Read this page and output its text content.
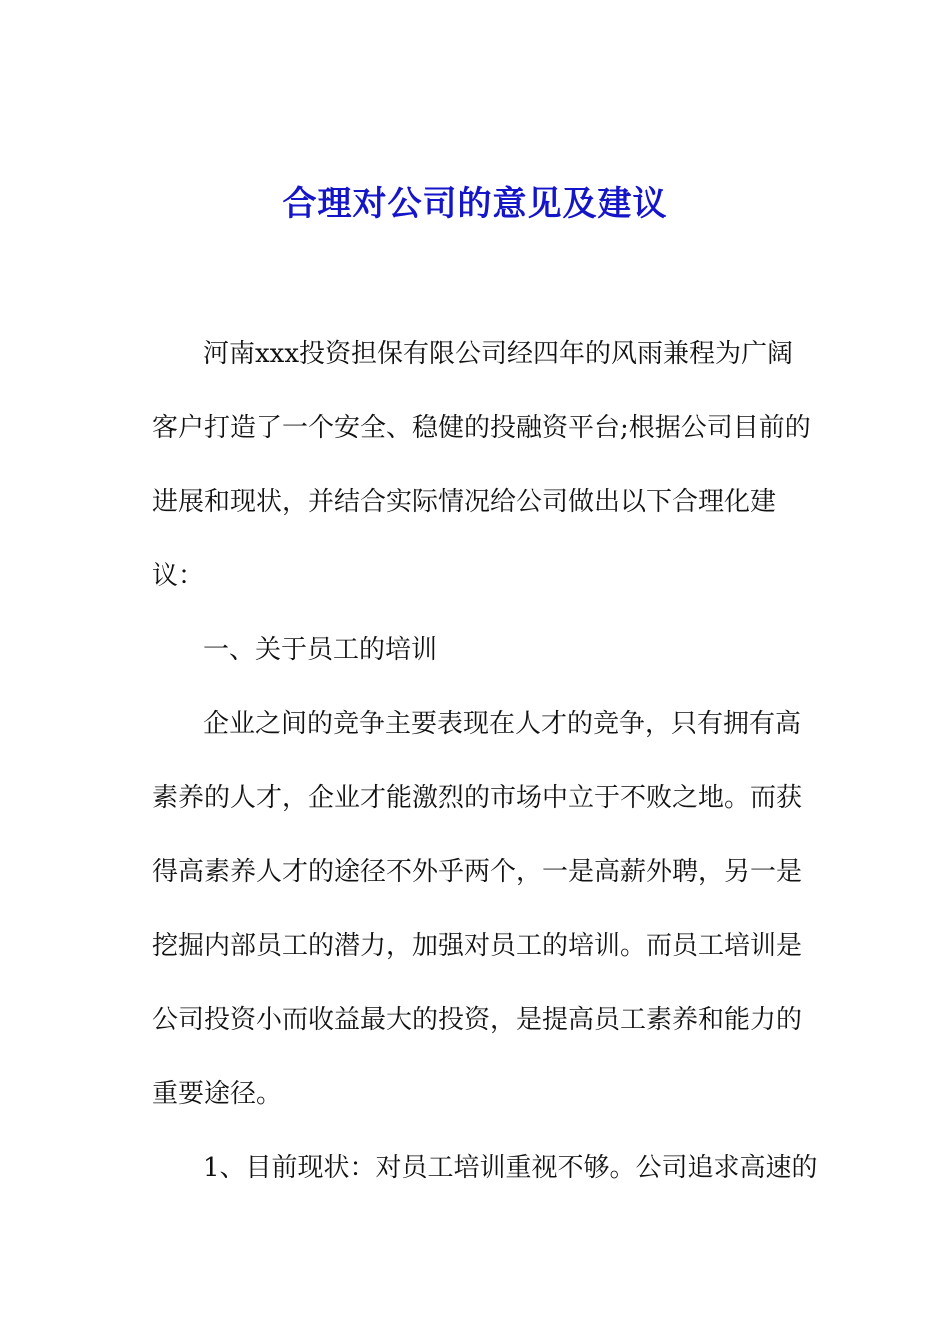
合理对公司的意见及建议
河南xxx投资担保有限公司经四年的风雨兼程为广阔
客户打造了一个安全、稳健的投融资平台;根据公司目前的
进展和现状，并结合实际情况给公司做出以下合理化建
议：
一、关于员工的培训
企业之间的竞争主要表现在人才的竞争，只有拥有高
素养的人才，企业才能激烈的市场中立于不败之地。而获
得高素养人才的途径不外乎两个，一是高薪外聘，另一是
挖掘内部员工的潜力，加强对员工的培训。而员工培训是
公司投资小而收益最大的投资，是提高员工素养和能力的
重要途径。
1、目前现状：对员工培训重视不够。公司追求高速的
